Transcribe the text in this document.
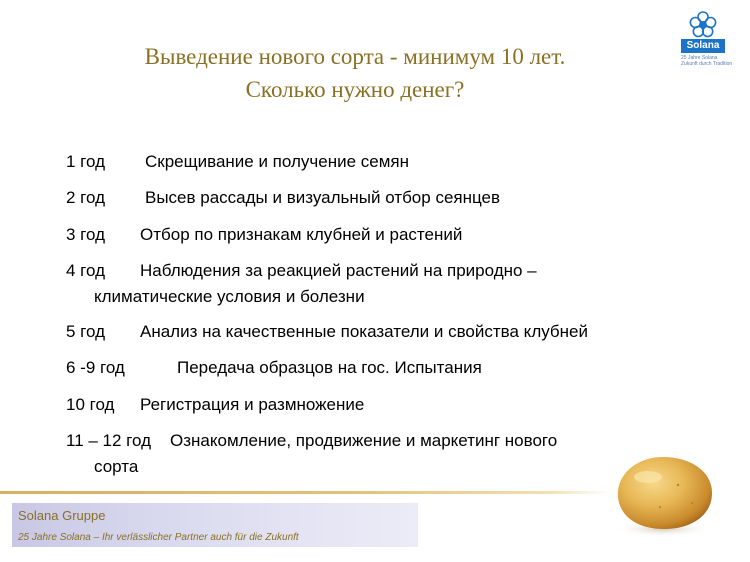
Выведение нового сорта - минимум 10 лет.
Сколько нужно денег?
Solana
25 Jahre Solana
Zukunft durch Tradition
1 год Скрещивание и получение семян
2 год Высев рассады и визуальный отбор сеянцев
3 год Отбор по признакам клубней и растений
4 год Наблюдения за реакцией растений на природно –
климатические условия и болезни
5 год Анализ на качественные показатели и свойства клубней
6 -9 год	Передача образцов на гос. Испытания
10 год Регистрация и размножение
11 – 12 год Ознакомление, продвижение и маркетинг нового
сорта
Solana Gruppe
25 Jahre Solana – Ihr verlässlicher Partner auch für die Zukunft
